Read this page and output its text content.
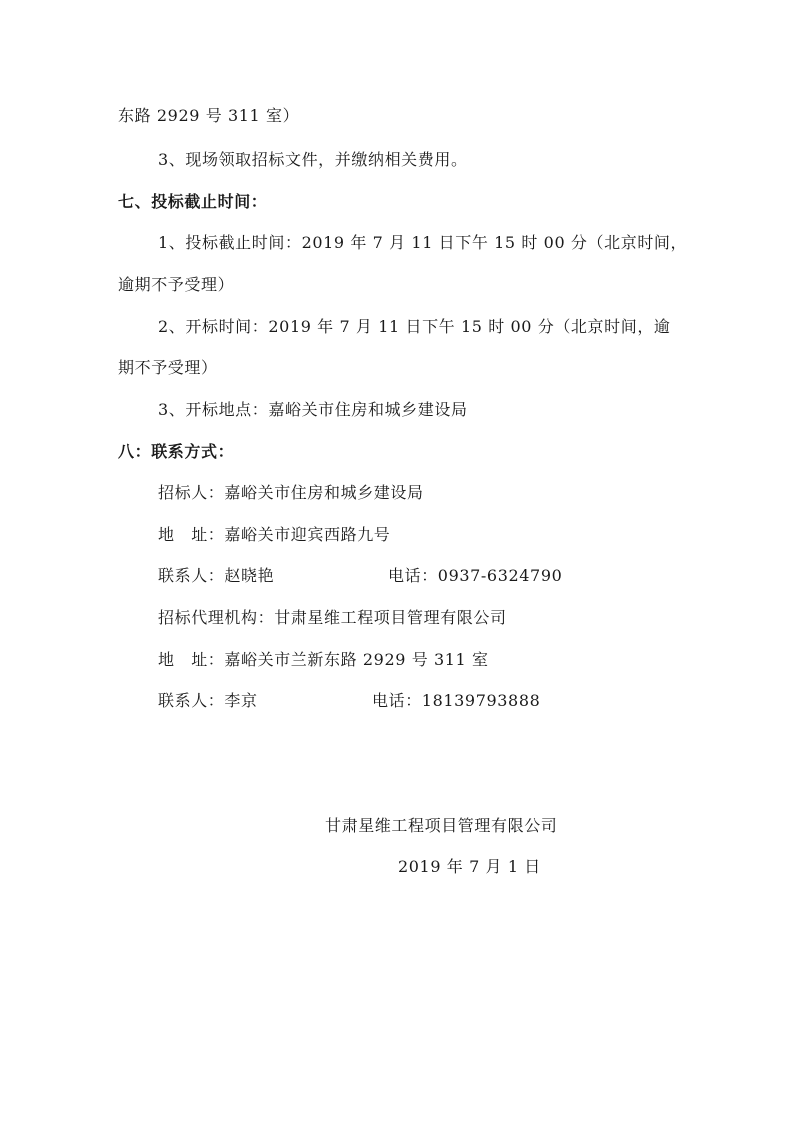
东路 2929 号 311 室）
3、现场领取招标文件，并缴纳相关费用。
七、投标截止时间：
1、投标截止时间：2019 年 7 月 11 日下午 15 时 00 分（北京时间，
逾期不予受理）
2、开标时间：2019 年 7 月 11 日下午 15 时 00 分（北京时间，逾
期不予受理）
3、开标地点：嘉峪关市住房和城乡建设局
八：联系方式：
招标人：嘉峪关市住房和城乡建设局
地　址：嘉峪关市迎宾西路九号
联系人：赵晓艳	电话：0937-6324790
招标代理机构：甘肃星维工程项目管理有限公司
地　址：嘉峪关市兰新东路 2929 号 311 室
联系人：李京	电话：18139793888
甘肃星维工程项目管理有限公司
2019 年 7 月 1 日
